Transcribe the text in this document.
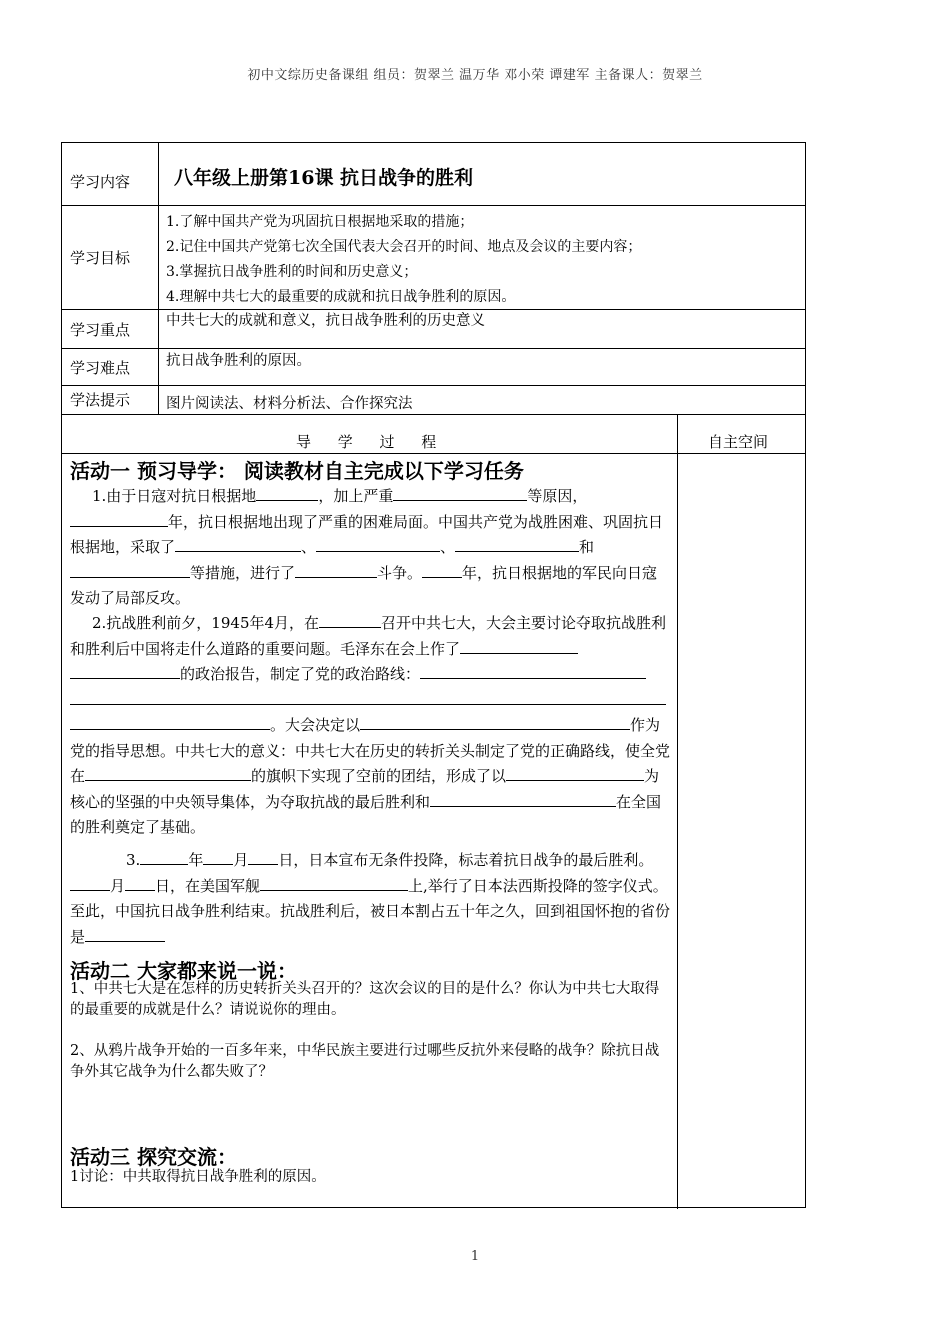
初中文综历史备课组 组员：贺翠兰 温万华 邓小荣 谭建军 主备课人：贺翠兰
学习内容 八年级上册第16课 抗日战争的胜利
学习目标
1.了解中国共产党为巩固抗日根据地采取的措施；
2.记住中国共产党第七次全国代表大会召开的时间、地点及会议的主要内容；
3.掌握抗日战争胜利的时间和历史意义；
4.理解中共七大的最重要的成就和抗日战争胜利的原因。
学习重点 中共七大的成就和意义，抗日战争胜利的历史意义
学习难点 抗日战争胜利的原因。
学法提示 图片阅读法、材料分析法、合作探究法
导 学 过 程	自主空间
活动一 预习导学： 阅读教材自主完成以下学习任务
1.由于日寇对抗日根据地	，加上严重	等原因，年，抗日根据地出现了严重的困难局面。中国共产党为战胜困难、巩固抗日根据地，采取了	、	、	和等措施，进行了	斗争。	年，抗日根据地的军民向日寇发动了局部反攻。
2.抗战胜利前夕，1945年4月，在	召开中共七大，大会主要讨论夺取抗战胜利和胜利后中国将走什么道路的重要问题。毛泽东在会上作了的政治报告，制定了党的政治路线：。大会决定以	作为党的指导思想。中共七大的意义：中共七大在历史的转折关头制定了党的正确路线，使全党在	的旗帜下实现了空前的团结，形成了以	为核心的坚强的中央领导集体，为夺取抗战的最后胜利和	在全国的胜利奠定了基础。
3.	年 月 日，日本宣布无条件投降，标志着抗日战争的最后胜利。月 日，在美国军舰	上,举行了日本法西斯投降的签字仪式。至此，中国抗日战争胜利结束。抗战胜利后，被日本割占五十年之久，回到祖国怀抱的省份是
活动二 大家都来说一说：
1、中共七大是在怎样的历史转折关头召开的？这次会议的目的是什么？你认为中共七大取得的最重要的成就是什么？请说说你的理由。
2、从鸦片战争开始的一百多年来，中华民族主要进行过哪些反抗外来侵略的战争？除抗日战争外其它战争为什么都失败了？
活动三 探究交流：
1讨论：中共取得抗日战争胜利的原因。
1
